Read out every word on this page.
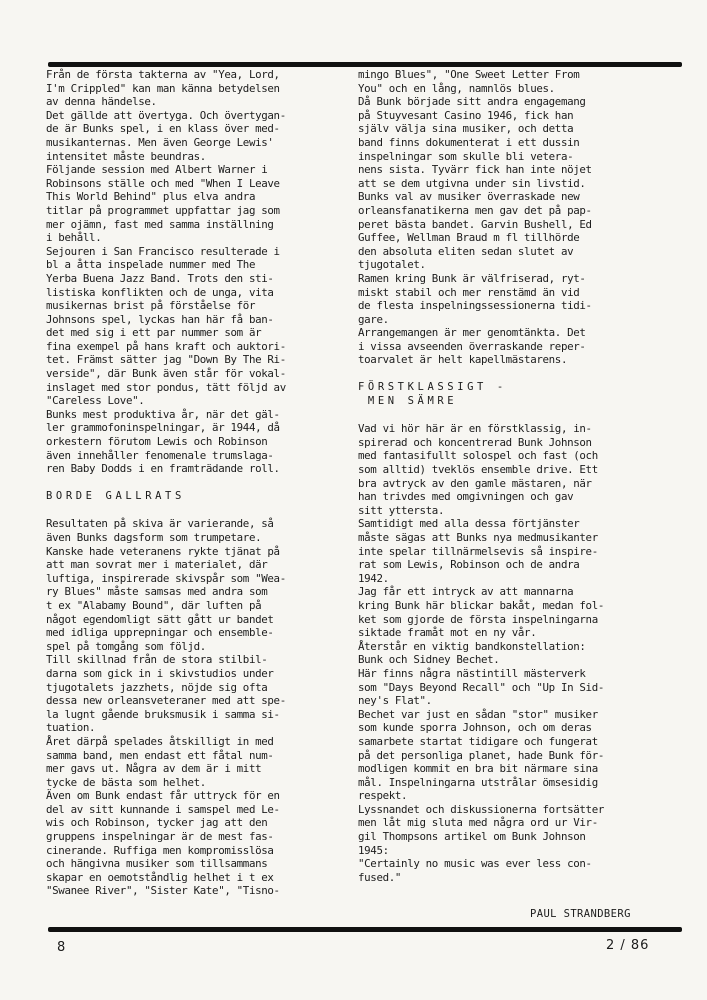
Från de första takterna av "Yea, Lord,
I'm Crippled" kan man känna betydelsen
av denna händelse.
Det gällde att övertyga. Och övertygan-
de är Bunks spel, i en klass över med-
musikanternas. Men även George Lewis'
intensitet måste beundras.
Följande session med Albert Warner i
Robinsons ställe och med "When I Leave
This World Behind" plus elva andra
titlar på programmet uppfattar jag som
mer ojämn, fast med samma inställning
i behåll.
Sejouren i San Francisco resulterade i
bl a åtta inspelade nummer med The
Yerba Buena Jazz Band. Trots den sti-
listiska konflikten och de unga, vita
musikernas brist på förståelse för
Johnsons spel, lyckas han här få ban-
det med sig i ett par nummer som är
fina exempel på hans kraft och auktori-
tet. Främst sätter jag "Down By The Ri-
verside", där Bunk även står för vokal-
inslaget med stor pondus, tätt följd av
"Careless Love".
Bunks mest produktiva år, när det gäl-
ler grammofoninspelningar, är 1944, då
orkestern förutom Lewis och Robinson
även innehåller fenomenale trumslaga-
ren Baby Dodds i en framträdande roll.
BORDE GALLRATS
Resultaten på skiva är varierande, så
även Bunks dagsform som trumpetare.
Kanske hade veteranens rykte tjänat på
att man sovrat mer i materialet, där
luftiga, inspirerade skivspår som "Wea-
ry Blues" måste samsas med andra som
t ex "Alabamy Bound", där luften på
något egendomligt sätt gått ur bandet
med idliga upprepningar och ensemble-
spel på tomgång som följd.
Till skillnad från de stora stilbil-
darna som gick in i skivstudios under
tjugotalets jazzhets, nöjde sig ofta
dessa new orleansveteraner med att spe-
la lugnt gående bruksmusik i samma si-
tuation.
Året därpå spelades åtskilligt in med
samma band, men endast ett fåtal num-
mer gavs ut. Några av dem är i mitt
tycke de bästa som helhet.
Även om Bunk endast får uttryck för en
del av sitt kunnande i samspel med Le-
wis och Robinson, tycker jag att den
gruppens inspelningar är de mest fas-
cinerande. Ruffiga men kompromisslösa
och hängivna musiker som tillsammans
skapar en oemotståndlig helhet i t ex
"Swanee River", "Sister Kate", "Tisno-
mingo Blues", "One Sweet Letter From
You" och en lång, namnlös blues.
Då Bunk började sitt andra engagemang
på Stuyvesant Casino 1946, fick han
själv välja sina musiker, och detta
band finns dokumenterat i ett dussin
inspelningar som skulle bli vetera-
nens sista. Tyvärr fick han inte nöjet
att se dem utgivna under sin livstid.
Bunks val av musiker överraskade new
orleansfanatikerna men gav det på pap-
peret bästa bandet. Garvin Bushell, Ed
Guffee, Wellman Braud m fl tillhörde
den absoluta eliten sedan slutet av
tjugotalet.
Ramen kring Bunk är välfriserad, ryt-
miskt stabil och mer renstämd än vid
de flesta inspelningssessionerna tidi-
gare.
Arrangemangen är mer genomtänkta. Det
i vissa avseenden överraskande reper-
toarvalet är helt kapellmästarens.
FÖRSTKLASSIGT -
MEN SÄMRE
Vad vi hör här är en förstklassig, in-
spirerad och koncentrerad Bunk Johnson
med fantasifullt solospel och fast (och
som alltid) tveklös ensemble drive. Ett
bra avtryck av den gamle mästaren, när
han trivdes med omgivningen och gav
sitt yttersta.
Samtidigt med alla dessa förtjänster
måste sägas att Bunks nya medmusikanter
inte spelar tillnärmelsevis så inspire-
rat som Lewis, Robinson och de andra
1942.
Jag får ett intryck av att mannarna
kring Bunk här blickar bakåt, medan fol-
ket som gjorde de första inspelningarna
siktade framåt mot en ny vår.
Återstår en viktig bandkonstellation:
Bunk och Sidney Bechet.
Här finns några nästintill mästerverk
som "Days Beyond Recall" och "Up In Sid-
ney's Flat".
Bechet var just en sådan "stor" musiker
som kunde sporra Johnson, och om deras
samarbete startat tidigare och fungerat
på det personliga planet, hade Bunk för-
modligen kommit en bra bit närmare sina
mål. Inspelningarna utstrålar ömsesidig
respekt.
Lyssnandet och diskussionerna fortsätter
men låt mig sluta med några ord ur Vir-
gil Thompsons artikel om Bunk Johnson
1945:
"Certainly no music was ever less con-
fused."
PAUL STRANDBERG
8	2 / 86
